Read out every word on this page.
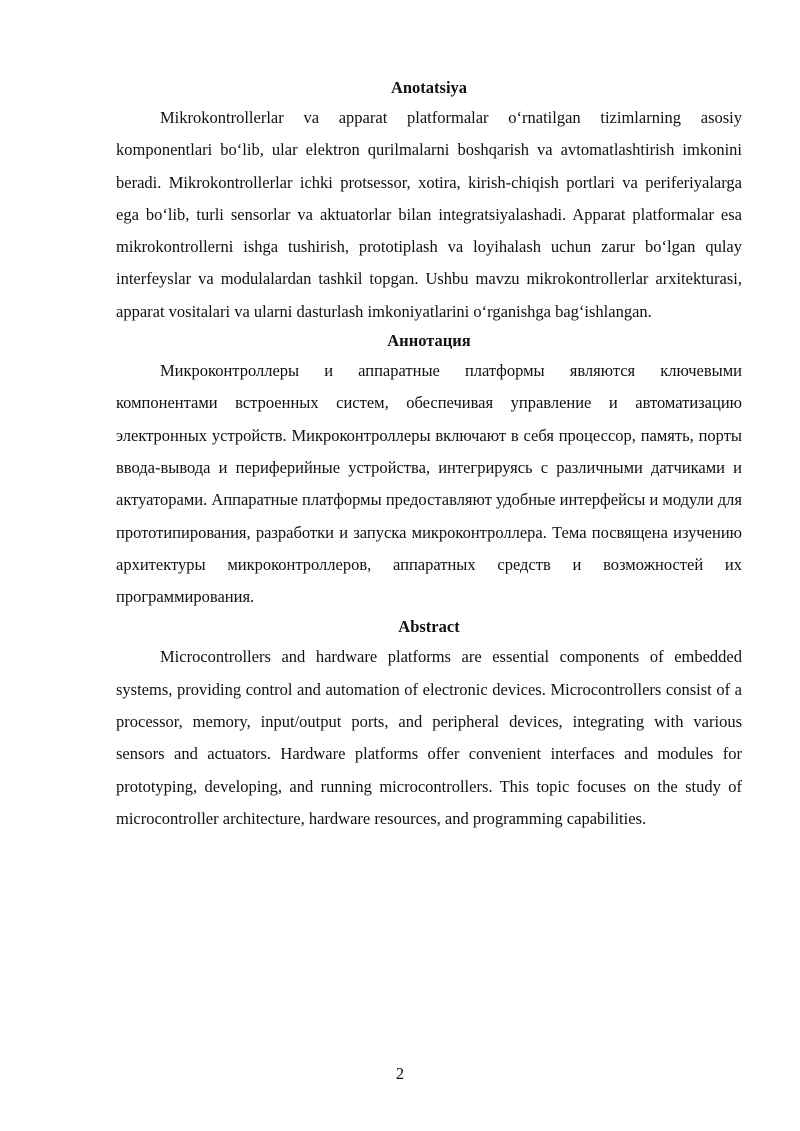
Anotatsiya

Mikrokontrollerlar va apparat platformalar o‘rnatilgan tizimlarning asosiy komponentlari bo‘lib, ular elektron qurilmalarni boshqarish va avtomatlashtirish imkonini beradi. Mikrokontrollerlar ichki protsessor, xotira, kirish-chiqish portlari va periferiyalarga ega bo‘lib, turli sensorlar va aktuatorlar bilan integratsiyalashadi. Apparat platformalar esa mikrokontrollerni ishga tushirish, prototiplash va loyihalash uchun zarur bo‘lgan qulay interfeyslar va modulalardan tashkil topgan. Ushbu mavzu mikrokontrollerlar arxitekturasi, apparat vositalari va ularni dasturlash imkoniyatlarini o‘rganishga bag‘ishlangan.

Аннотация

Микроконтроллеры и аппаратные платформы являются ключевыми компонентами встроенных систем, обеспечивая управление и автоматизацию электронных устройств. Микроконтроллеры включают в себя процессор, память, порты ввода-вывода и периферийные устройства, интегрируясь с различными датчиками и актуаторами. Аппаратные платформы предоставляют удобные интерфейсы и модули для прототипирования, разработки и запуска микроконтроллера. Тема посвящена изучению архитектуры микроконтроллеров, аппаратных средств и возможностей их программирования.

Abstract

Microcontrollers and hardware platforms are essential components of embedded systems, providing control and automation of electronic devices. Microcontrollers consist of a processor, memory, input/output ports, and peripheral devices, integrating with various sensors and actuators. Hardware platforms offer convenient interfaces and modules for prototyping, developing, and running microcontrollers. This topic focuses on the study of microcontroller architecture, hardware resources, and programming capabilities.

2
